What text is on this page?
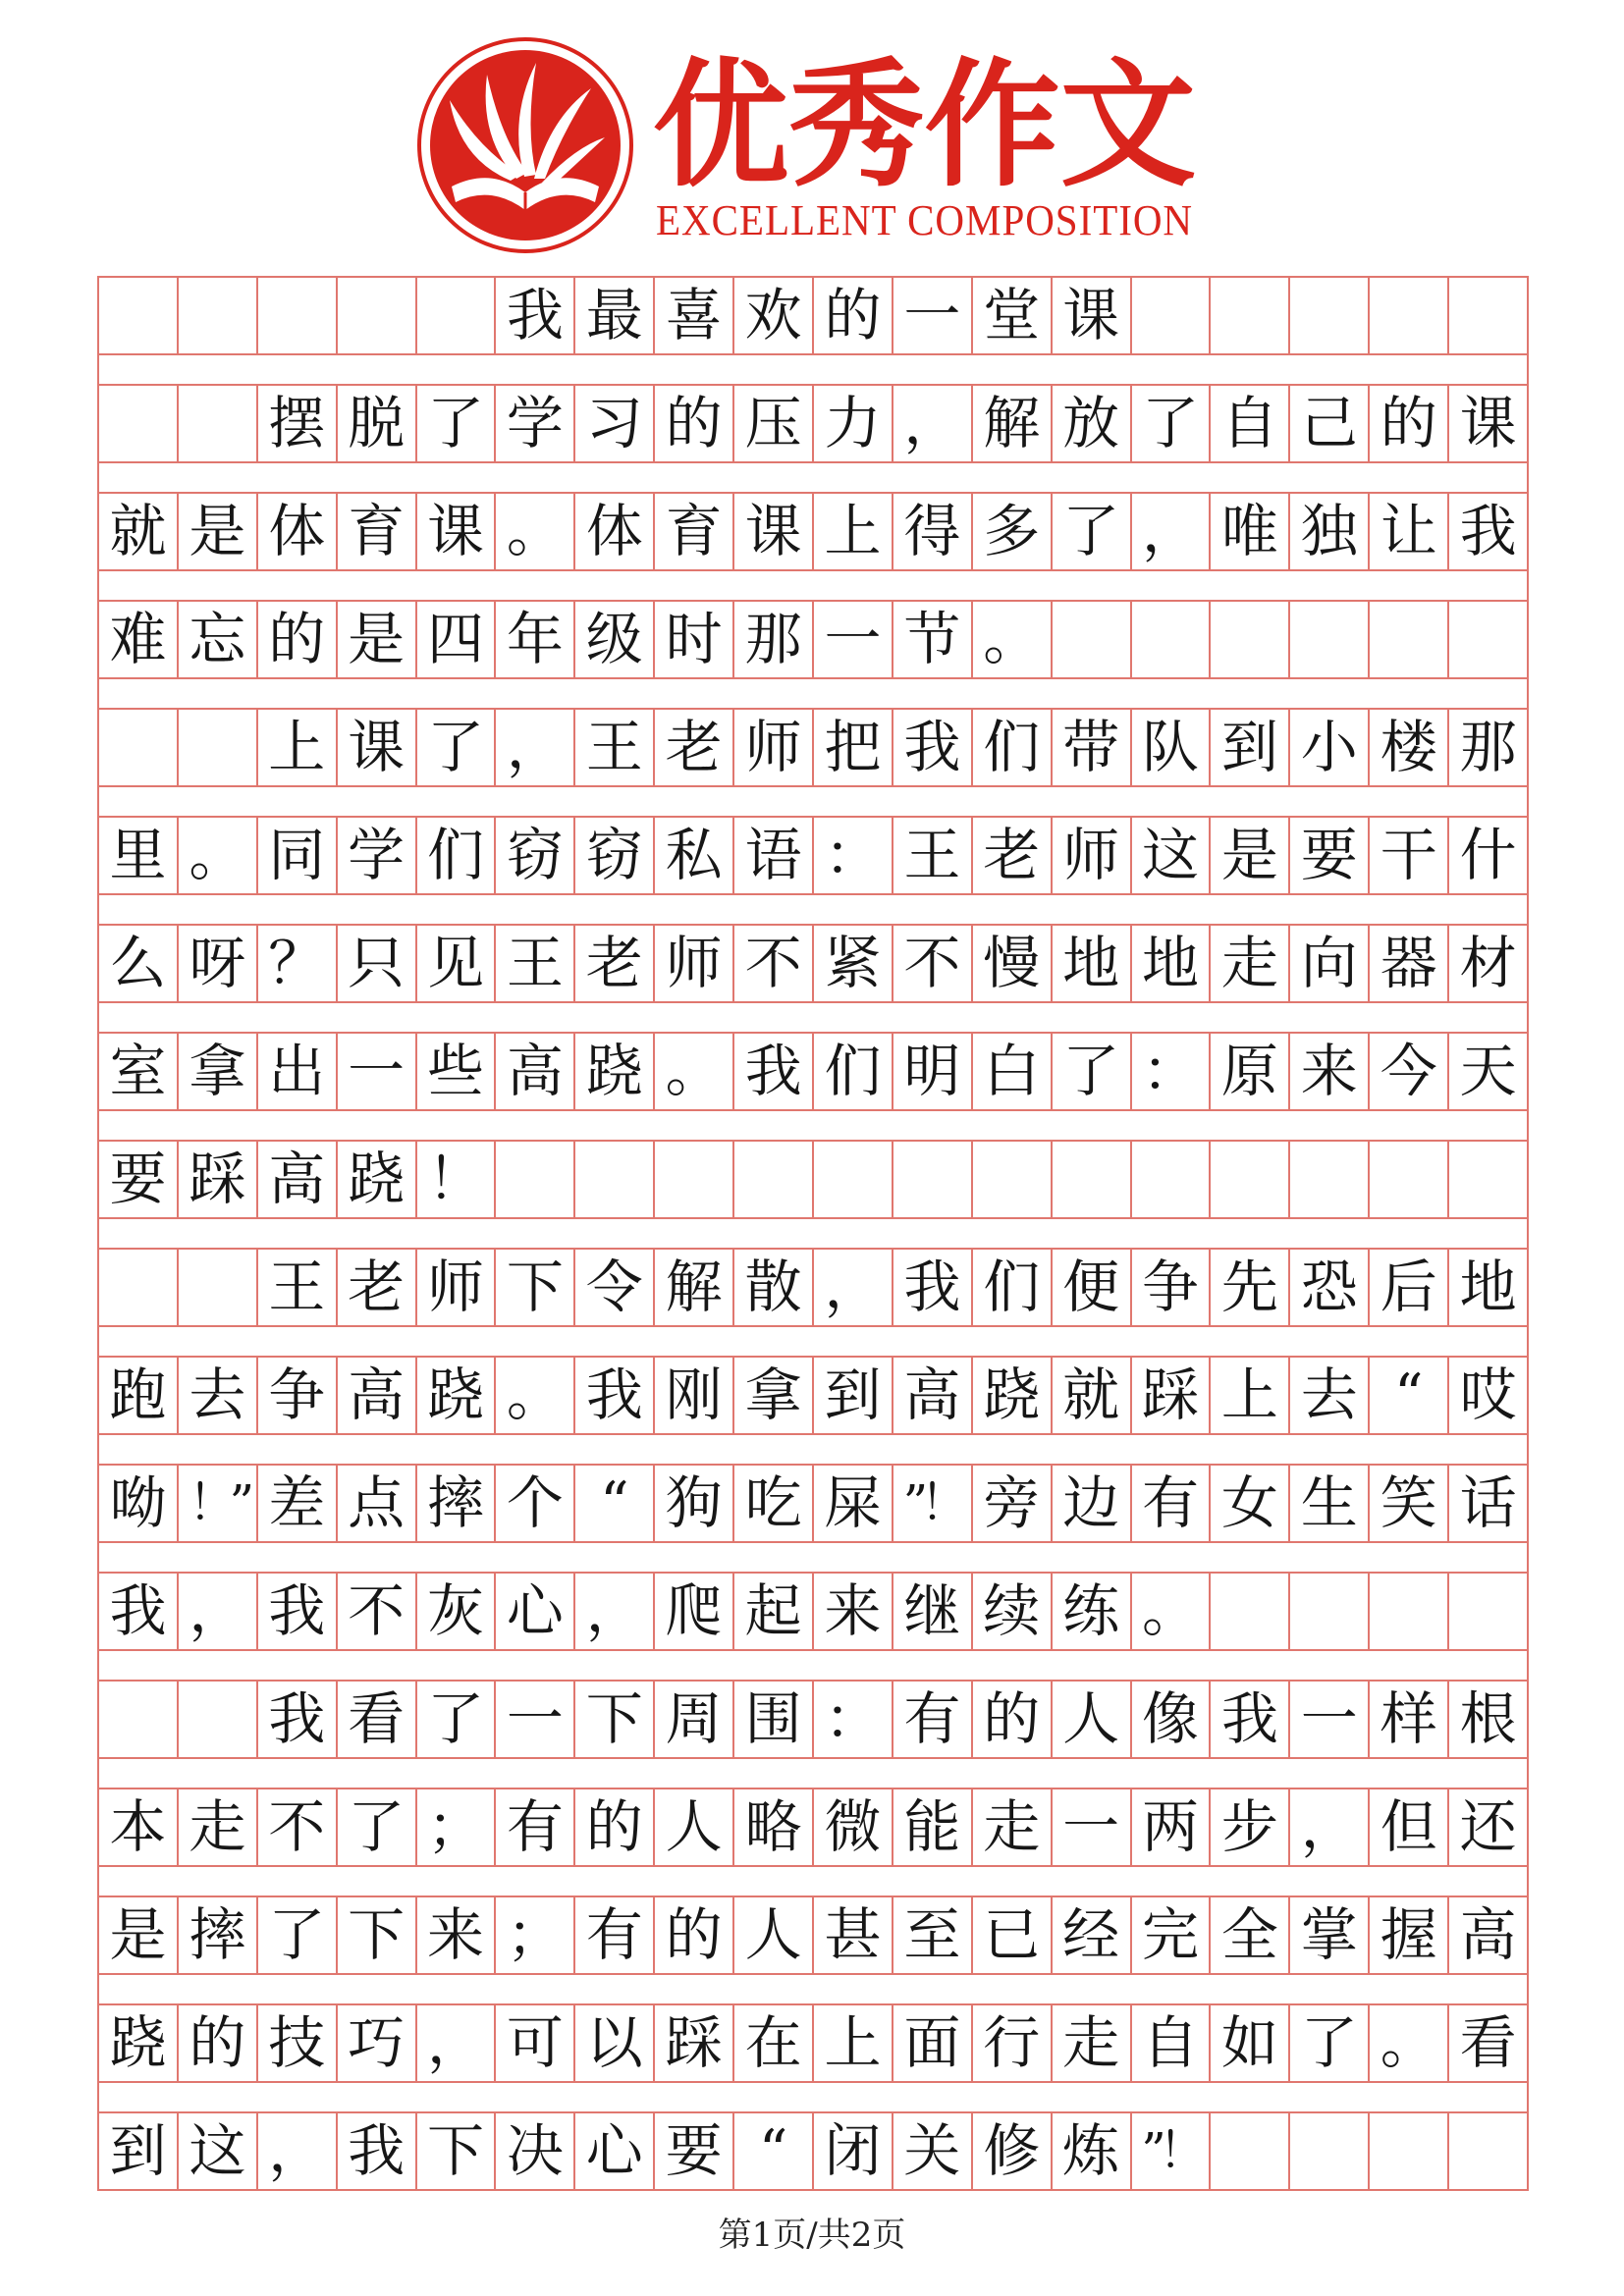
优秀作文
EXCELLENT COMPOSITION
我 最 喜 欢 的 一 堂 课
摆 脱 了 学 习 的 压 力 ， 解 放 了 自 己 的 课
就 是 体 育 课 。 体 育 课 上 得 多 了 ， 唯 独 让 我
难 忘 的 是 四 年 级 时 那 一 节 。
上 课 了 ， 王 老 师 把 我 们 带 队 到 小 楼 那
里 。 同 学 们 窃 窃 私 语 ： 王 老 师 这 是 要 干 什
么 呀 ？ 只 见 王 老 师 不 紧 不 慢 地 地 走 向 器 材
室 拿 出 一 些 高 跷 。 我 们 明 白 了 ： 原 来 今 天
要 踩 高 跷 ！
王 老 师 下 令 解 散 ， 我 们 便 争 先 恐 后 地
跑 去 争 高 跷 。 我 刚 拿 到 高 跷 就 踩 上 去 “ 哎
呦 ！” 差 点 摔 个 “ 狗 吃 屎 ”！ 旁 边 有 女 生 笑 话
我 ， 我 不 灰 心 ， 爬 起 来 继 续 练 。
我 看 了 一 下 周 围 ： 有 的 人 像 我 一 样 根
本 走 不 了 ； 有 的 人 略 微 能 走 一 两 步 ， 但 还
是 摔 了 下 来 ； 有 的 人 甚 至 已 经 完 全 掌 握 高
跷 的 技 巧 ， 可 以 踩 在 上 面 行 走 自 如 了 。 看
到 这 ， 我 下 决 心 要 “ 闭 关 修 炼 ”！
第1页/共2页
